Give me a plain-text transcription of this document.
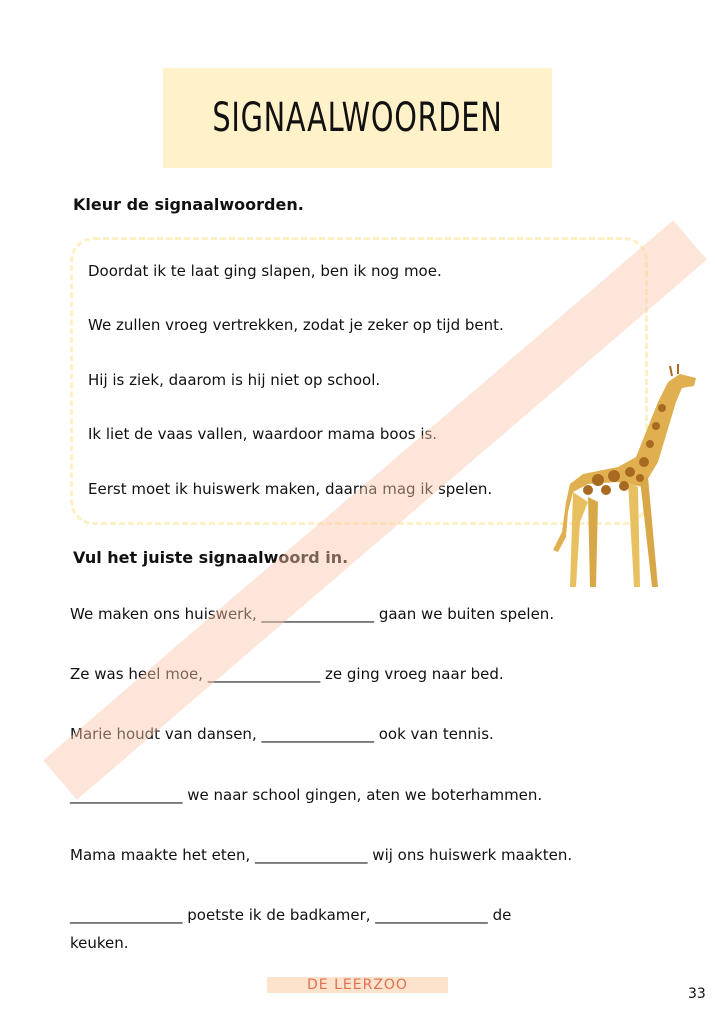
SIGNAALWOORDEN
Kleur de signaalwoorden.
Doordat ik te laat ging slapen, ben ik nog moe.
We zullen vroeg vertrekken, zodat je zeker op tijd bent.
Hij is ziek, daarom is hij niet op school.
Ik liet de vaas vallen, waardoor mama boos is.
Eerst moet ik huiswerk maken, daarna mag ik spelen.
Vul het juiste signaalwoord in.
We maken ons huiswerk, _______________ gaan we buiten spelen.
Ze was heel moe, _______________ ze ging vroeg naar bed.
Marie houdt van dansen, _______________ ook van tennis.
_______________ we naar school gingen, aten we boterhammen.
Mama maakte het eten, _______________ wij ons huiswerk maakten.
_______________ poetste ik de badkamer, _______________ de
keuken.
DE LEERZOO
33
